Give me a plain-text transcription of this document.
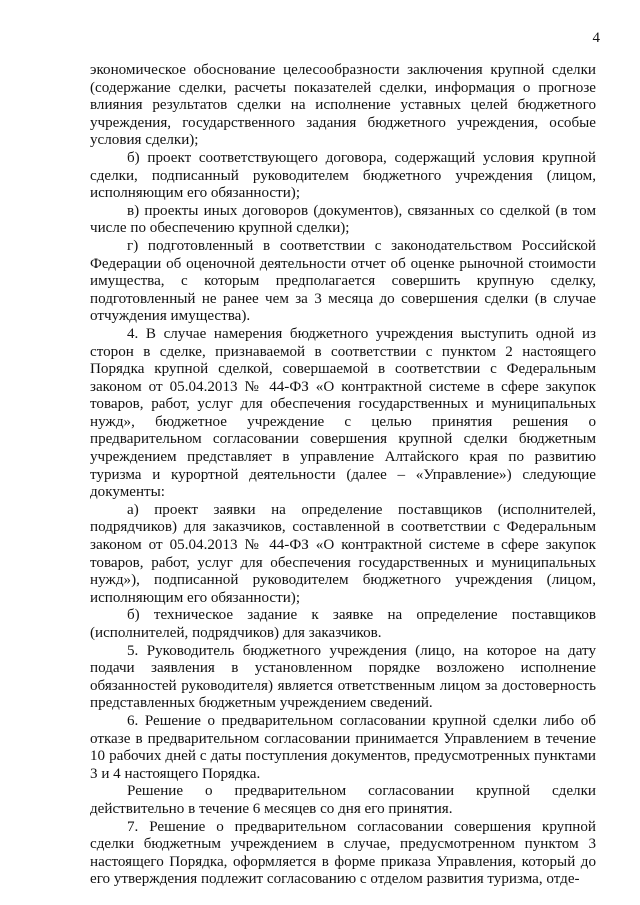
4

экономическое обоснование целесообразности заключения крупной сделки (содержание сделки, расчеты показателей сделки, информация о прогнозе влияния результатов сделки на исполнение уставных целей бюджетного учреждения, государственного задания бюджетного учреждения, особые условия сделки);

б) проект соответствующего договора, содержащий условия крупной сделки, подписанный руководителем бюджетного учреждения (лицом, исполняющим его обязанности);

в) проекты иных договоров (документов), связанных со сделкой (в том числе по обеспечению крупной сделки);

г) подготовленный в соответствии с законодательством Российской Федерации об оценочной деятельности отчет об оценке рыночной стоимости имущества, с которым предполагается совершить крупную сделку, подготовленный не ранее чем за 3 месяца до совершения сделки (в случае отчуждения имущества).

4. В случае намерения бюджетного учреждения выступить одной из сторон в сделке, признаваемой в соответствии с пунктом 2 настоящего Порядка крупной сделкой, совершаемой в соответствии с Федеральным законом от 05.04.2013 № 44-ФЗ «О контрактной системе в сфере закупок товаров, работ, услуг для обеспечения государственных и муниципальных нужд», бюджетное учреждение с целью принятия решения о предварительном согласовании совершения крупной сделки бюджетным учреждением представляет в управление Алтайского края по развитию туризма и курортной деятельности (далее – «Управление») следующие документы:

а) проект заявки на определение поставщиков (исполнителей, подрядчиков) для заказчиков, составленной в соответствии с Федеральным законом от 05.04.2013 № 44-ФЗ «О контрактной системе в сфере закупок товаров, работ, услуг для обеспечения государственных и муниципальных нужд»), подписанной руководителем бюджетного учреждения (лицом, исполняющим его обязанности);

б) техническое задание к заявке на определение поставщиков (исполнителей, подрядчиков) для заказчиков.

5. Руководитель бюджетного учреждения (лицо, на которое на дату подачи заявления в установленном порядке возложено исполнение обязанностей руководителя) является ответственным лицом за достоверность представленных бюджетным учреждением сведений.

6. Решение о предварительном согласовании крупной сделки либо об отказе в предварительном согласовании принимается Управлением в течение 10 рабочих дней с даты поступления документов, предусмотренных пунктами 3 и 4 настоящего Порядка.

Решение о предварительном согласовании крупной сделки действительно в течение 6 месяцев со дня его принятия.

7. Решение о предварительном согласовании совершения крупной сделки бюджетным учреждением в случае, предусмотренном пунктом 3 настоящего Порядка, оформляется в форме приказа Управления, который до его утверждения подлежит согласованию с отделом развития туризма, отде-
